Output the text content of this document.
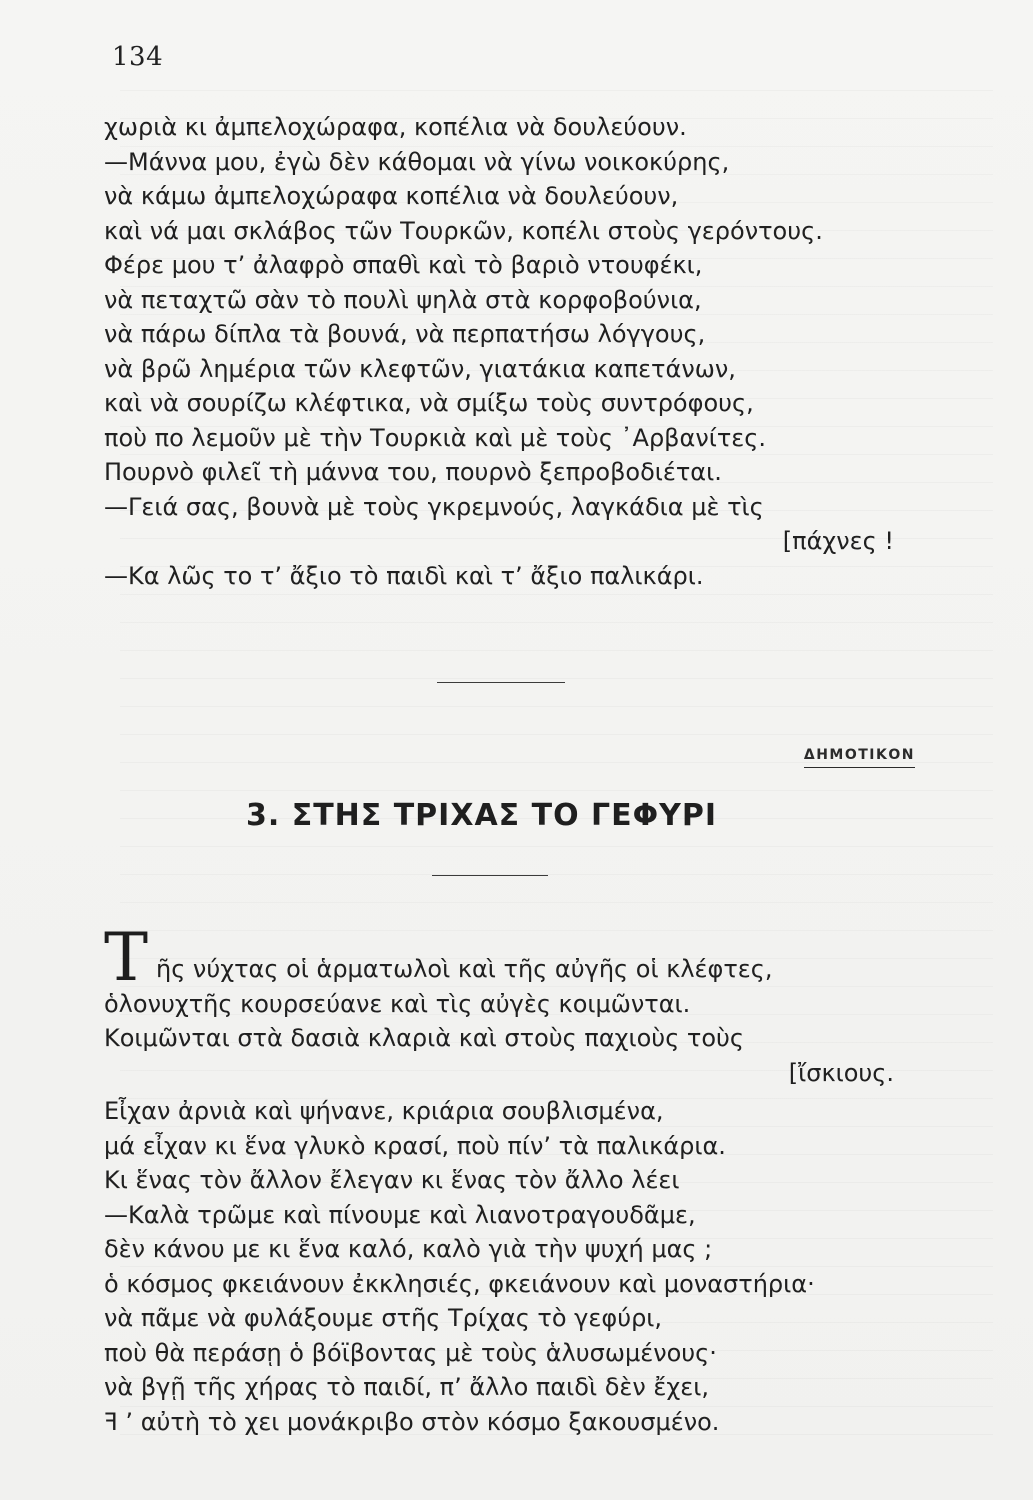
134
χωριὰ κι ἀμπελοχώραφα, κοπέλια νὰ δουλεύουν.
—Μάννα μου, ἐγὼ δὲν κάθομαι νὰ γίνω νοικοκύρης,
νὰ κάμω ἀμπελοχώραφα κοπέλια νὰ δουλεύουν,
καὶ νά μαι σκλάβος τῶν Τουρκῶν, κοπέλι στοὺς γερόντους.
Φέρε μου τ’ ἀλαφρὸ σπαθὶ καὶ τὸ βαριὸ ντουφέκι,
νὰ πεταχτῶ σὰν τὸ πουλὶ ψηλὰ στὰ κορφοβούνια,
νὰ πάρω δίπλα τὰ βουνά, νὰ περπατήσω λόγγους,
νὰ βρῶ λημέρια τῶν κλεφτῶν, γιατάκια καπετάνων,
καὶ νὰ σουρίζω κλέφτικα, νὰ σμίξω τοὺς συντρόφους,
ποὺ πο λεμοῦν μὲ τὴν Τουρκιὰ καὶ μὲ τοὺς ᾿Αρβανίτες.
Πουρνὸ φιλεῖ τὴ μάννα του, πουρνὸ ξεπροβοδιέται.
—Γειά σας, βουνὰ μὲ τοὺς γκρεμνούς, λαγκάδια μὲ τὶς
[πάχνες !
—Κα λῶς το τ’ ἄξιο τὸ παιδὶ καὶ τ’ ἄξιο παλικάρι.
ΔΗΜΟΤΙΚΟΝ
3. ΣΤΗΣ ΤΡΙΧΑΣ ΤΟ ΓΕΦΥΡΙ
Τ ῆς νύχτας οἱ ἁρματωλοὶ καὶ τῆς αὐγῆς οἱ κλέφτες,
ὁλονυχτῆς κουρσεύανε καὶ τὶς αὐγὲς κοιμῶνται.
Κοιμῶνται στὰ δασιὰ κλαριὰ καὶ στοὺς παχιοὺς τοὺς
[ἴσκιους.
Εἶχαν ἀρνιὰ καὶ ψήνανε, κριάρια σουβλισμένα,
μά εἶχαν κι ἕνα γλυκὸ κρασί, ποὺ πίν’ τὰ παλικάρια.
Κι ἕνας τὸν ἄλλον ἔλεγαν κι ἕνας τὸν ἄλλο λέει
—Καλὰ τρῶμε καὶ πίνουμε καὶ λιανοτραγουδᾶμε,
δὲν κάνου με κι ἕνα καλό, καλὸ γιὰ τὴν ψυχή μας ;
ὁ κόσμος φκειάνουν ἐκκλησιές, φκειάνουν καὶ μοναστήρια·
νὰ πᾶμε νὰ φυλάξουμε στῆς Τρίχας τὸ γεφύρι,
ποὺ θὰ περάσῃ ὁ βόϊβοντας μὲ τοὺς ἁλυσωμένους·
νὰ βγῇ τῆς χήρας τὸ παιδί, π’ ἄλλο παιδὶ δὲν ἔχει,
ꟻ ’ αὐτὴ τὸ χει μονάκριβο στὸν κόσμο ξακουσμένο.
